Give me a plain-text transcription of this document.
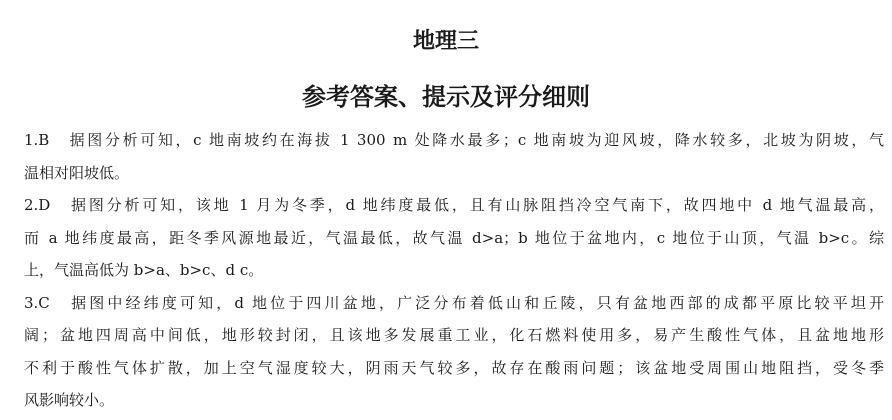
地理三
参考答案、提示及评分细则
1.B　据图分析可知，c 地南坡约在海拔 1 300 m 处降水最多；c 地南坡为迎风坡，降水较多，北坡为阴坡，气
温相对阳坡低。
2.D　据图分析可知，该地 1 月为冬季，d 地纬度最低，且有山脉阻挡冷空气南下，故四地中 d 地气温最高，
而 a 地纬度最高，距冬季风源地最近，气温最低，故气温 d>a；b 地位于盆地内，c 地位于山顶，气温 b>c。综
上，气温高低为 b>a、b>c、d c。
3.C　据图中经纬度可知，d 地位于四川盆地，广泛分布着低山和丘陵，只有盆地西部的成都平原比较平坦开
阔；盆地四周高中间低，地形较封闭，且该地多发展重工业，化石燃料使用多，易产生酸性气体，且盆地地形
不利于酸性气体扩散，加上空气湿度较大，阴雨天气较多，故存在酸雨问题；该盆地受周围山地阻挡，受冬季
风影响较小。
